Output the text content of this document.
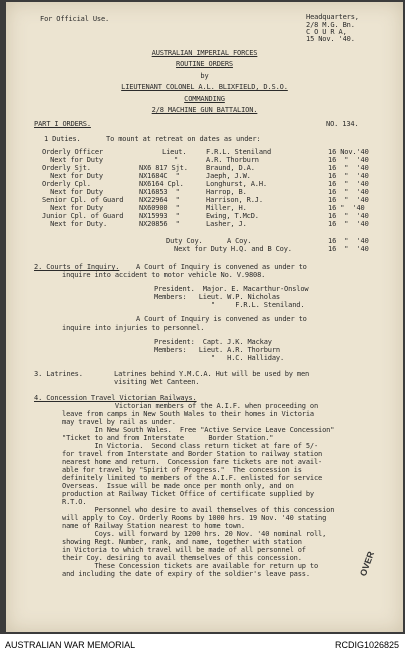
For Official Use.	Headquarters,
2/8 M.G. Bn.
C O U R A,
15 Nov. '40.
AUSTRALIAN IMPERIAL FORCES
ROUTINE ORDERS
by
LIEUTENANT COLONEL A.L. BLIXFIELD, D.S.O.
COMMANDING
2/8 MACHINE GUN BATTALION.
PART I ORDERS.	NO. 134.
1 Duties.	To mount at retreat on dates as under:
Orderly Officer	Lieut.	F.R.L. Steniland	16 Nov.'40
Next for Duty	"	A.R. Thorburn	16  "  '40
Orderly Sjt.	NX6 817 Sjt.	Braund, D.A.	16  "  '40
Next for Duty	NX1684C  "	Jaeph, J.W.	16  "  '40
Orderly Cpl.	NX6164 Cpl.	Longhurst, A.H.	16  "  '40
Next for Duty	NX16853  "	Harrop, B.	16  "  '40
Senior Cpl. of Guard NX22964  "	Harrison, R.J.	16  "  '40
Next for Duty	NX60900  "	Miller, H.	16 "  '40
Junior Cpl. of Guard NX15993  "	Ewing, T.McD.	16  "  '40
Next for Duty.	NX20856  "	Lasher, J.	16  "  '40
Duty Coy.      A Coy.	16  "  '40
Next for Duty H.Q. and B Coy.	16  "  '40
2. Courts of Inquiry. A Court of Inquiry is convened as under to
inquire into accident to motor vehicle No. V.9808.
President.  Major. E. Macarthur-Onslow
Members:   Lieut. W.P. Nicholas
"     F.R.L. Steniland.
A Court of Inquiry is convened as under to
inquire into injuries to personnel.
President:  Capt. J.K. Mackay
Members:   Lieut. A.R. Thorburn
"   H.C. Halliday.
3. Latrines.	Latrines behind Y.M.C.A. Hut will be used by men
visiting Wet Canteen.
4. Concession Travel Victorian Railways.
Victorian members of the A.I.F. when proceeding on
leave from camps in New South Wales to their homes in Victoria
may travel by rail as under.
In New South Wales.  Free "Active Service Leave Concession"
"Ticket to and from Interstate      Border Station."
In Victoria.  Second class return ticket at fare of 5/-
for travel from Interstate and Border Station to railway station
nearest home and return.  Concession fare tickets are not avail-
able for travel by "Spirit of Progress."  The concession is
definitely limited to members of the A.I.F. enlisted for service
Overseas.  Issue will be made once per month only, and on
production at Railway Ticket Office of certificate supplied by
R.T.O.
Personnel who desire to avail themselves of this concession
will apply to Coy. Orderly Rooms by 1000 hrs. 19 Nov. '40 stating
name of Railway Station nearest to home town.
Coys. will forward by 1200 hrs. 20 Nov. '40 nominal roll,
showing Regt. Number, rank, and name, together with station
in Victoria to which travel will be made of all personnel of
their Coy. desiring to avail themselves of this concession.
These Concession tickets are available for return up to
and including the date of expiry of the soldier's leave pass.	OVER
AUSTRALIAN WAR MEMORIAL	RCDIG1026825
